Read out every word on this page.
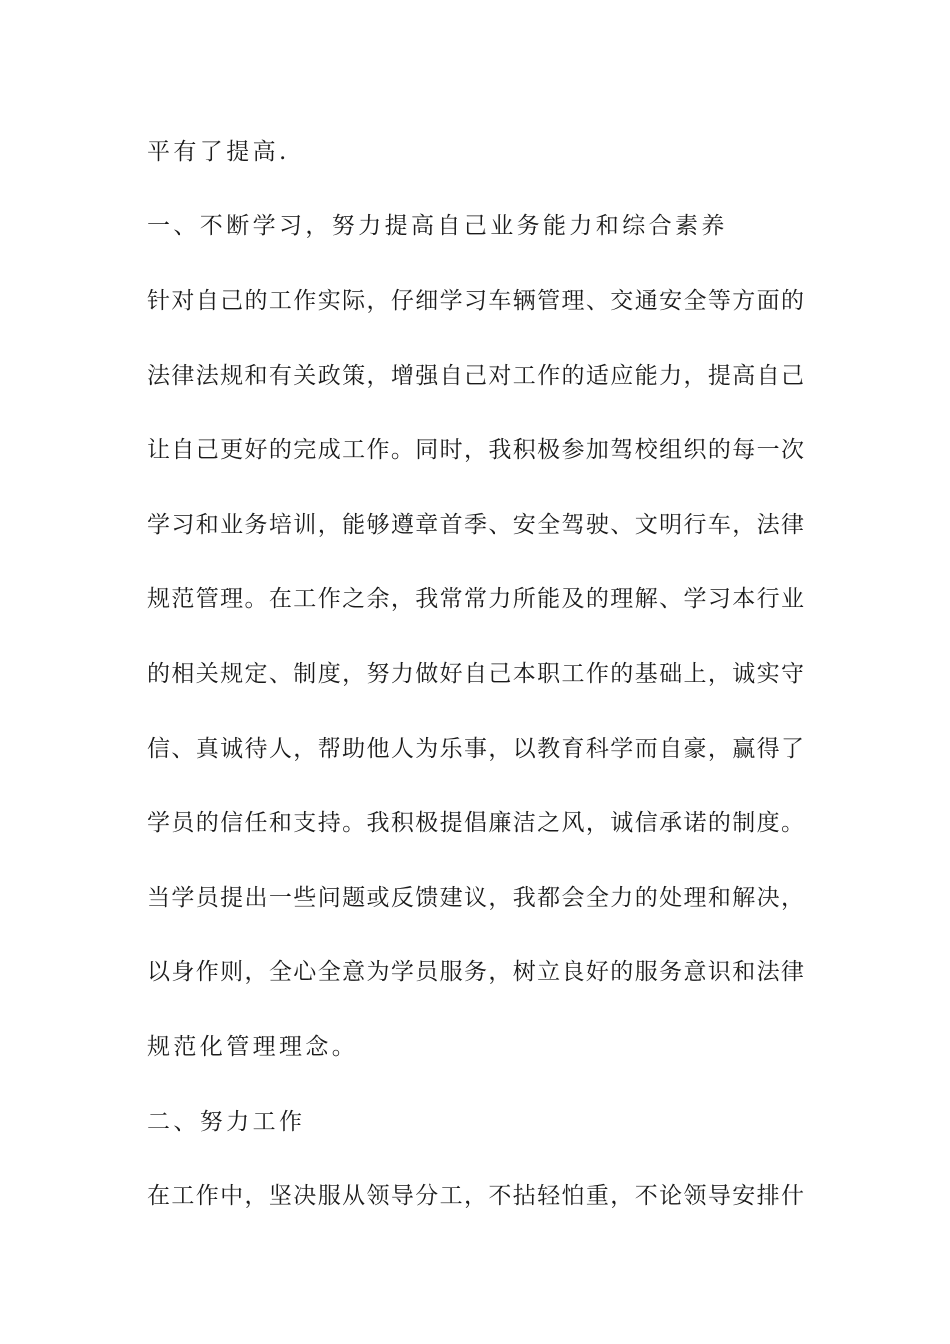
平有了提高.
一、不断学习，努力提高自己业务能力和综合素养
针对自己的工作实际，仔细学习车辆管理、交通安全等方面的
法律法规和有关政策，增强自己对工作的适应能力，提高自己
让自己更好的完成工作。同时，我积极参加驾校组织的每一次
学习和业务培训，能够遵章首季、安全驾驶、文明行车，法律
规范管理。在工作之余，我常常力所能及的理解、学习本行业
的相关规定、制度，努力做好自己本职工作的基础上，诚实守
信、真诚待人，帮助他人为乐事，以教育科学而自豪，赢得了
学员的信任和支持。我积极提倡廉洁之风，诚信承诺的制度。
当学员提出一些问题或反馈建议，我都会全力的处理和解决，
以身作则，全心全意为学员服务，树立良好的服务意识和法律
规范化管理理念。
二、努力工作
在工作中，坚决服从领导分工，不拈轻怕重，不论领导安排什
